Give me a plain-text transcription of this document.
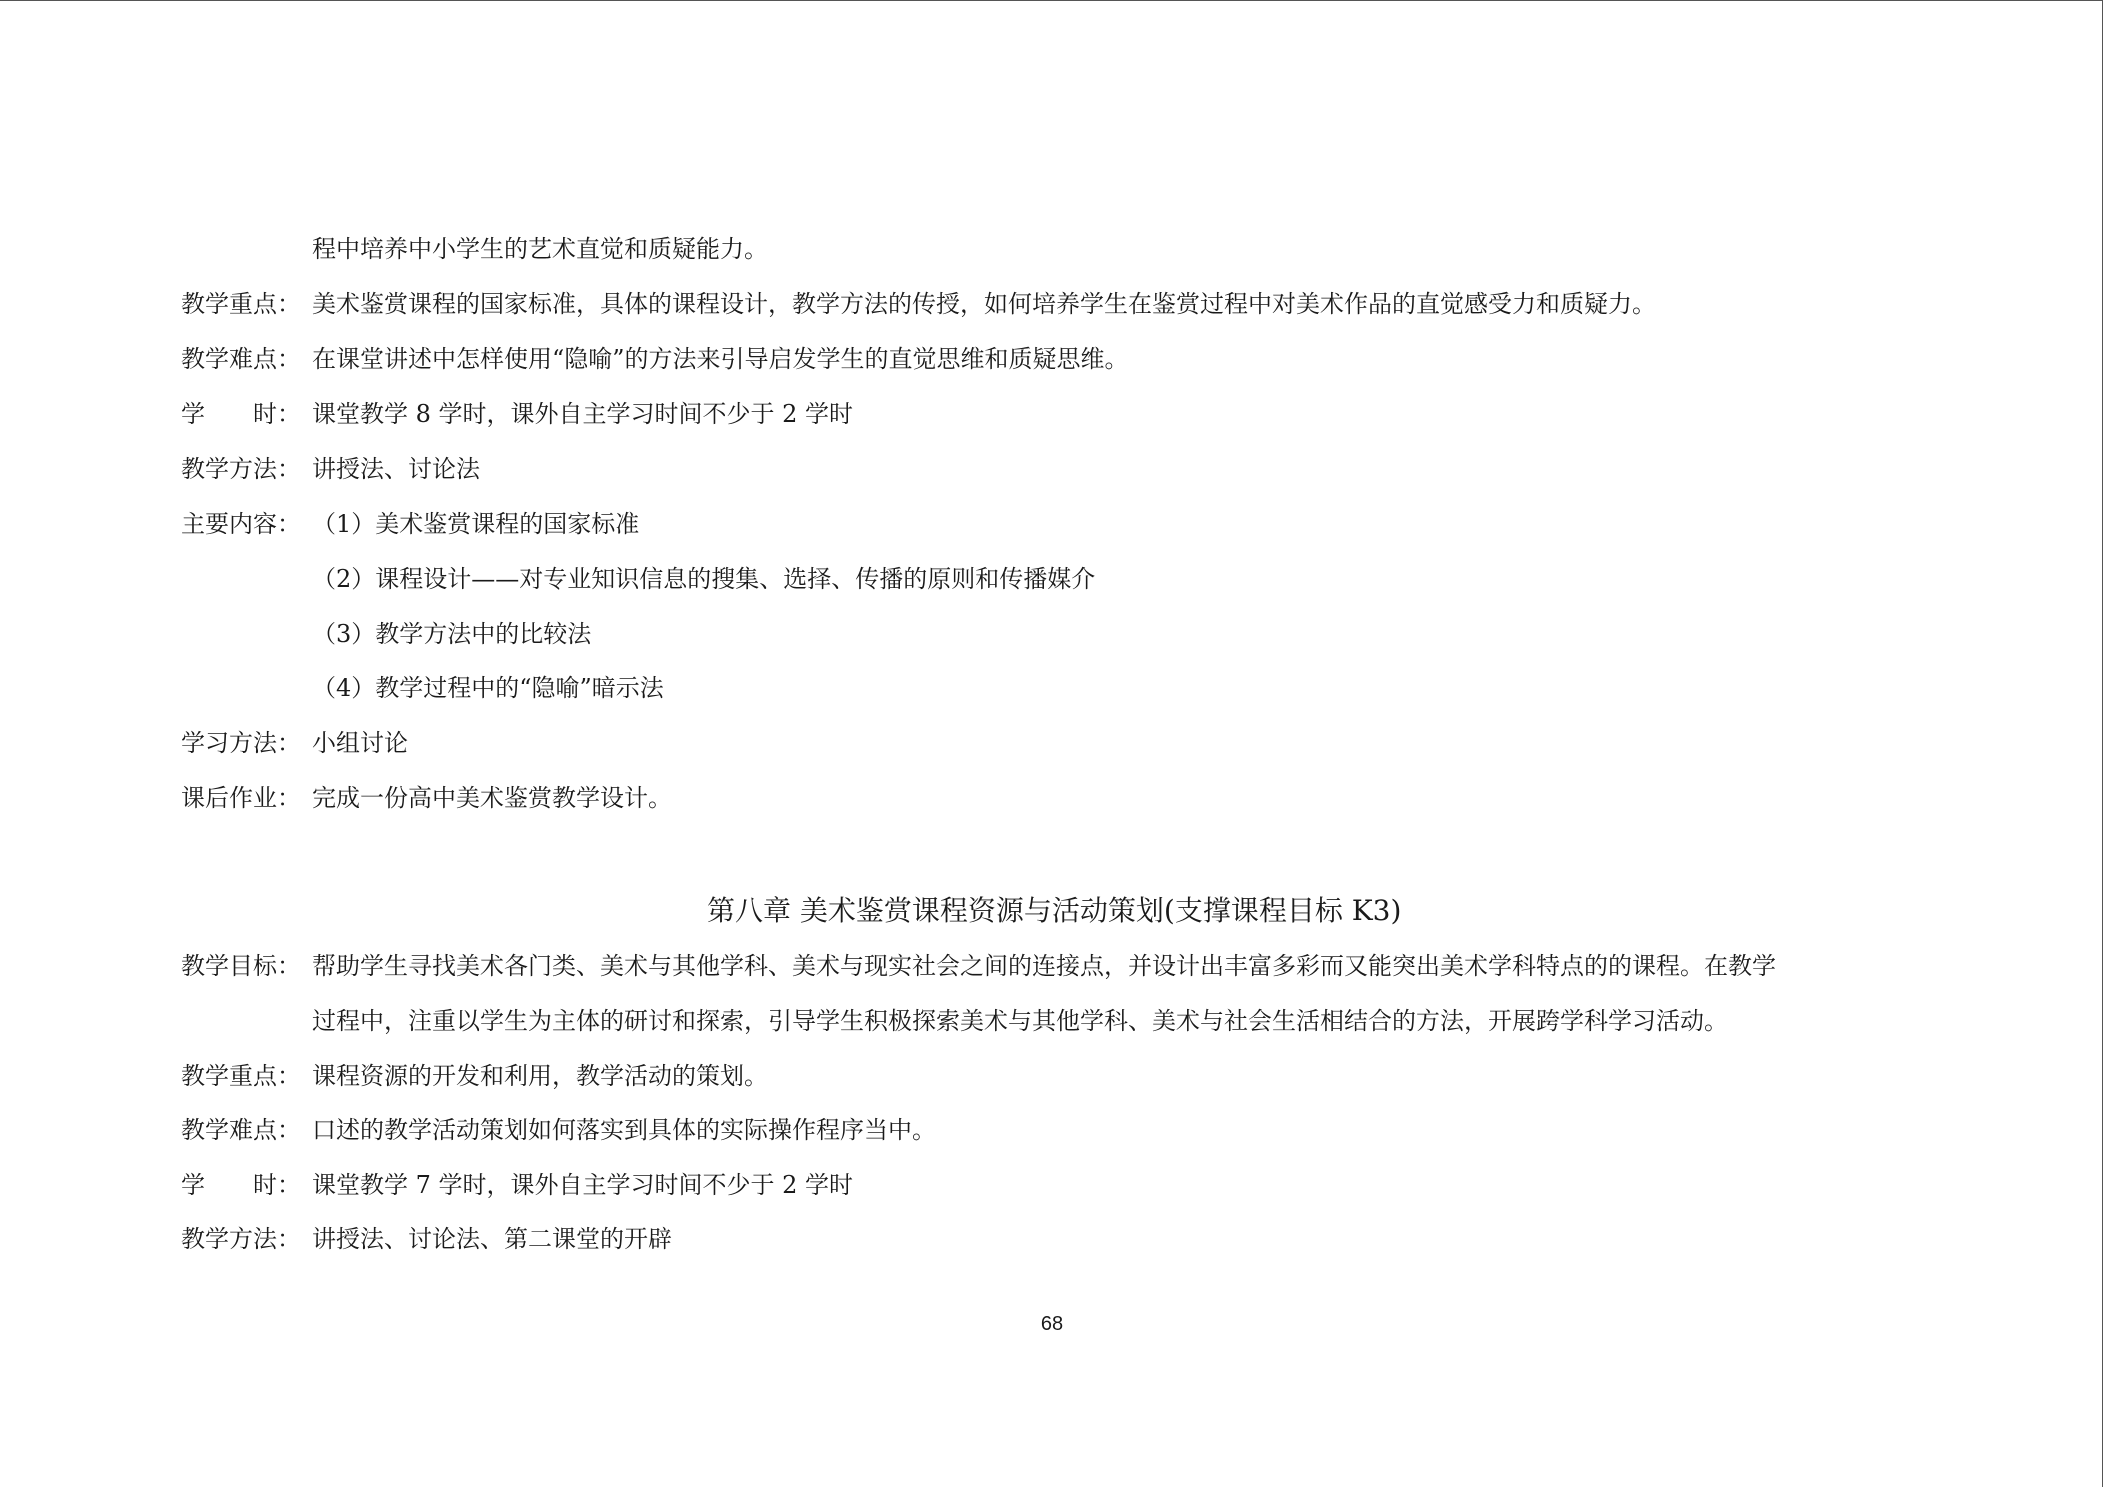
程中培养中小学生的艺术直觉和质疑能力。
教学重点： 美术鉴赏课程的国家标准，具体的课程设计，教学方法的传授，如何培养学生在鉴赏过程中对美术作品的直觉感受力和质疑力。
教学难点： 在课堂讲述中怎样使用“隐喻”的方法来引导启发学生的直觉思维和质疑思维。
学 时： 课堂教学 8 学时，课外自主学习时间不少于 2 学时
教学方法： 讲授法、讨论法
主要内容： （1）美术鉴赏课程的国家标准
（2）课程设计——对专业知识信息的搜集、选择、传播的原则和传播媒介
（3）教学方法中的比较法
（4）教学过程中的“隐喻”暗示法
学习方法： 小组讨论
课后作业： 完成一份高中美术鉴赏教学设计。
第八章 美术鉴赏课程资源与活动策划(支撑课程目标 K3)
教学目标： 帮助学生寻找美术各门类、美术与其他学科、美术与现实社会之间的连接点，并设计出丰富多彩而又能突出美术学科特点的的课程。在教学
过程中，注重以学生为主体的研讨和探索，引导学生积极探索美术与其他学科、美术与社会生活相结合的方法，开展跨学科学习活动。
教学重点： 课程资源的开发和利用，教学活动的策划。
教学难点： 口述的教学活动策划如何落实到具体的实际操作程序当中。
学 时： 课堂教学 7 学时，课外自主学习时间不少于 2 学时
教学方法： 讲授法、讨论法、第二课堂的开辟
68
